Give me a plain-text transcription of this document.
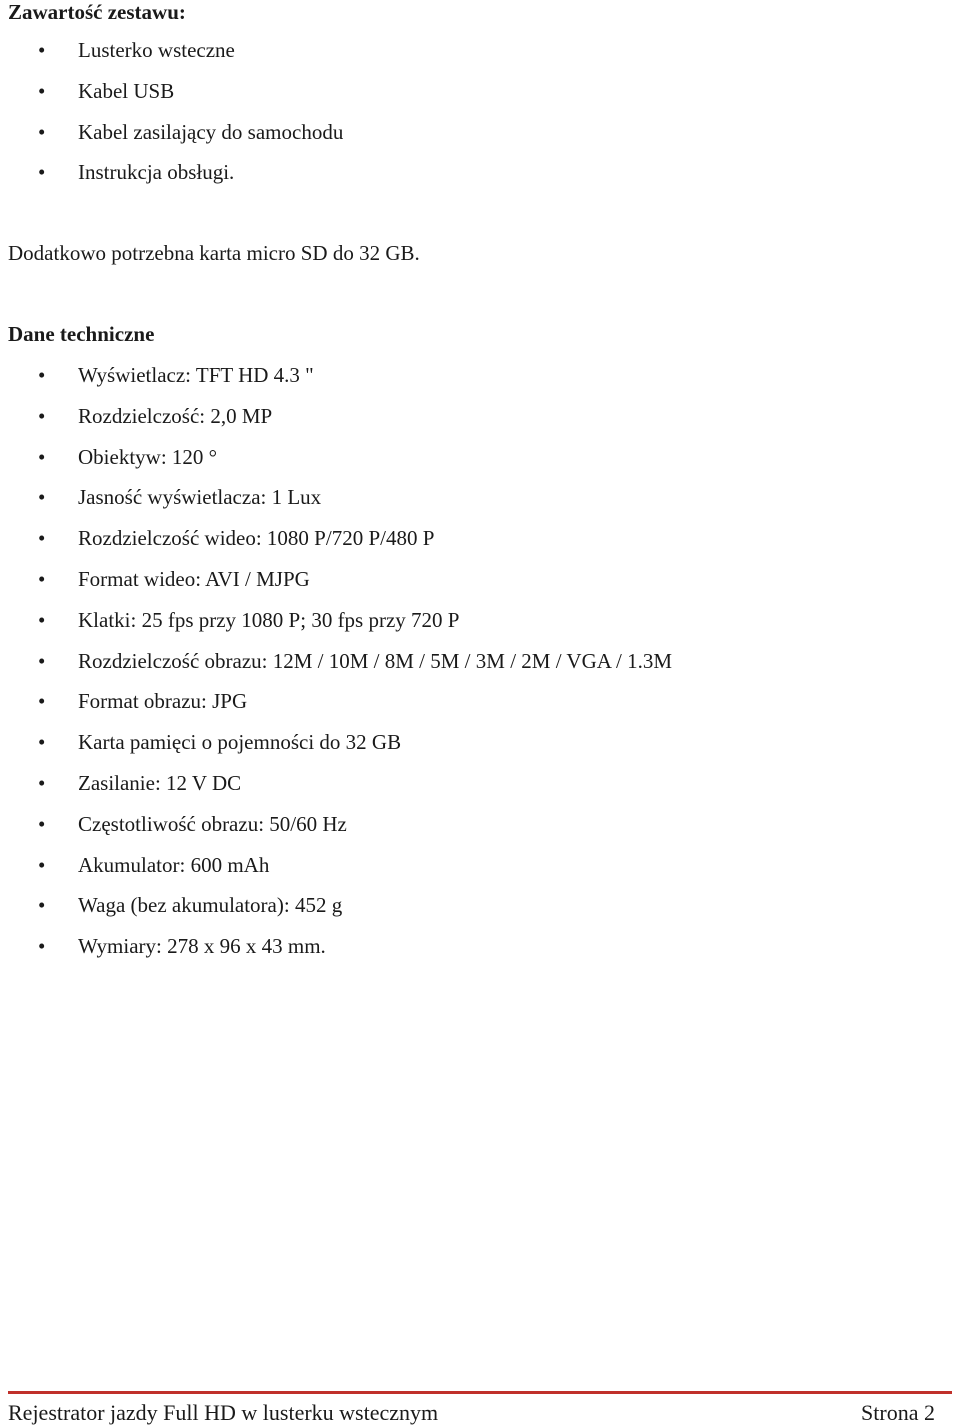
Zawartość zestawu:

• Lusterko wsteczne
• Kabel USB
• Kabel zasilający do samochodu
• Instrukcja obsługi.

Dodatkowo potrzebna karta micro SD do 32 GB.

Dane techniczne

• Wyświetlacz: TFT HD 4.3 "
• Rozdzielczość: 2,0 MP
• Obiektyw: 120 °
• Jasność wyświetlacza: 1 Lux
• Rozdzielczość wideo: 1080 P/720 P/480 P
• Format wideo: AVI / MJPG
• Klatki: 25 fps przy 1080 P; 30 fps przy 720 P
• Rozdzielczość obrazu: 12M / 10M / 8M / 5M / 3M / 2M / VGA / 1.3M
• Format obrazu: JPG
• Karta pamięci o pojemności do 32 GB
• Zasilanie: 12 V DC
• Częstotliwość obrazu: 50/60 Hz
• Akumulator: 600 mAh
• Waga (bez akumulatora): 452 g
• Wymiary: 278 x 96 x 43 mm.
Rejestrator jazdy Full HD w lusterku wstecznym	Strona 2
